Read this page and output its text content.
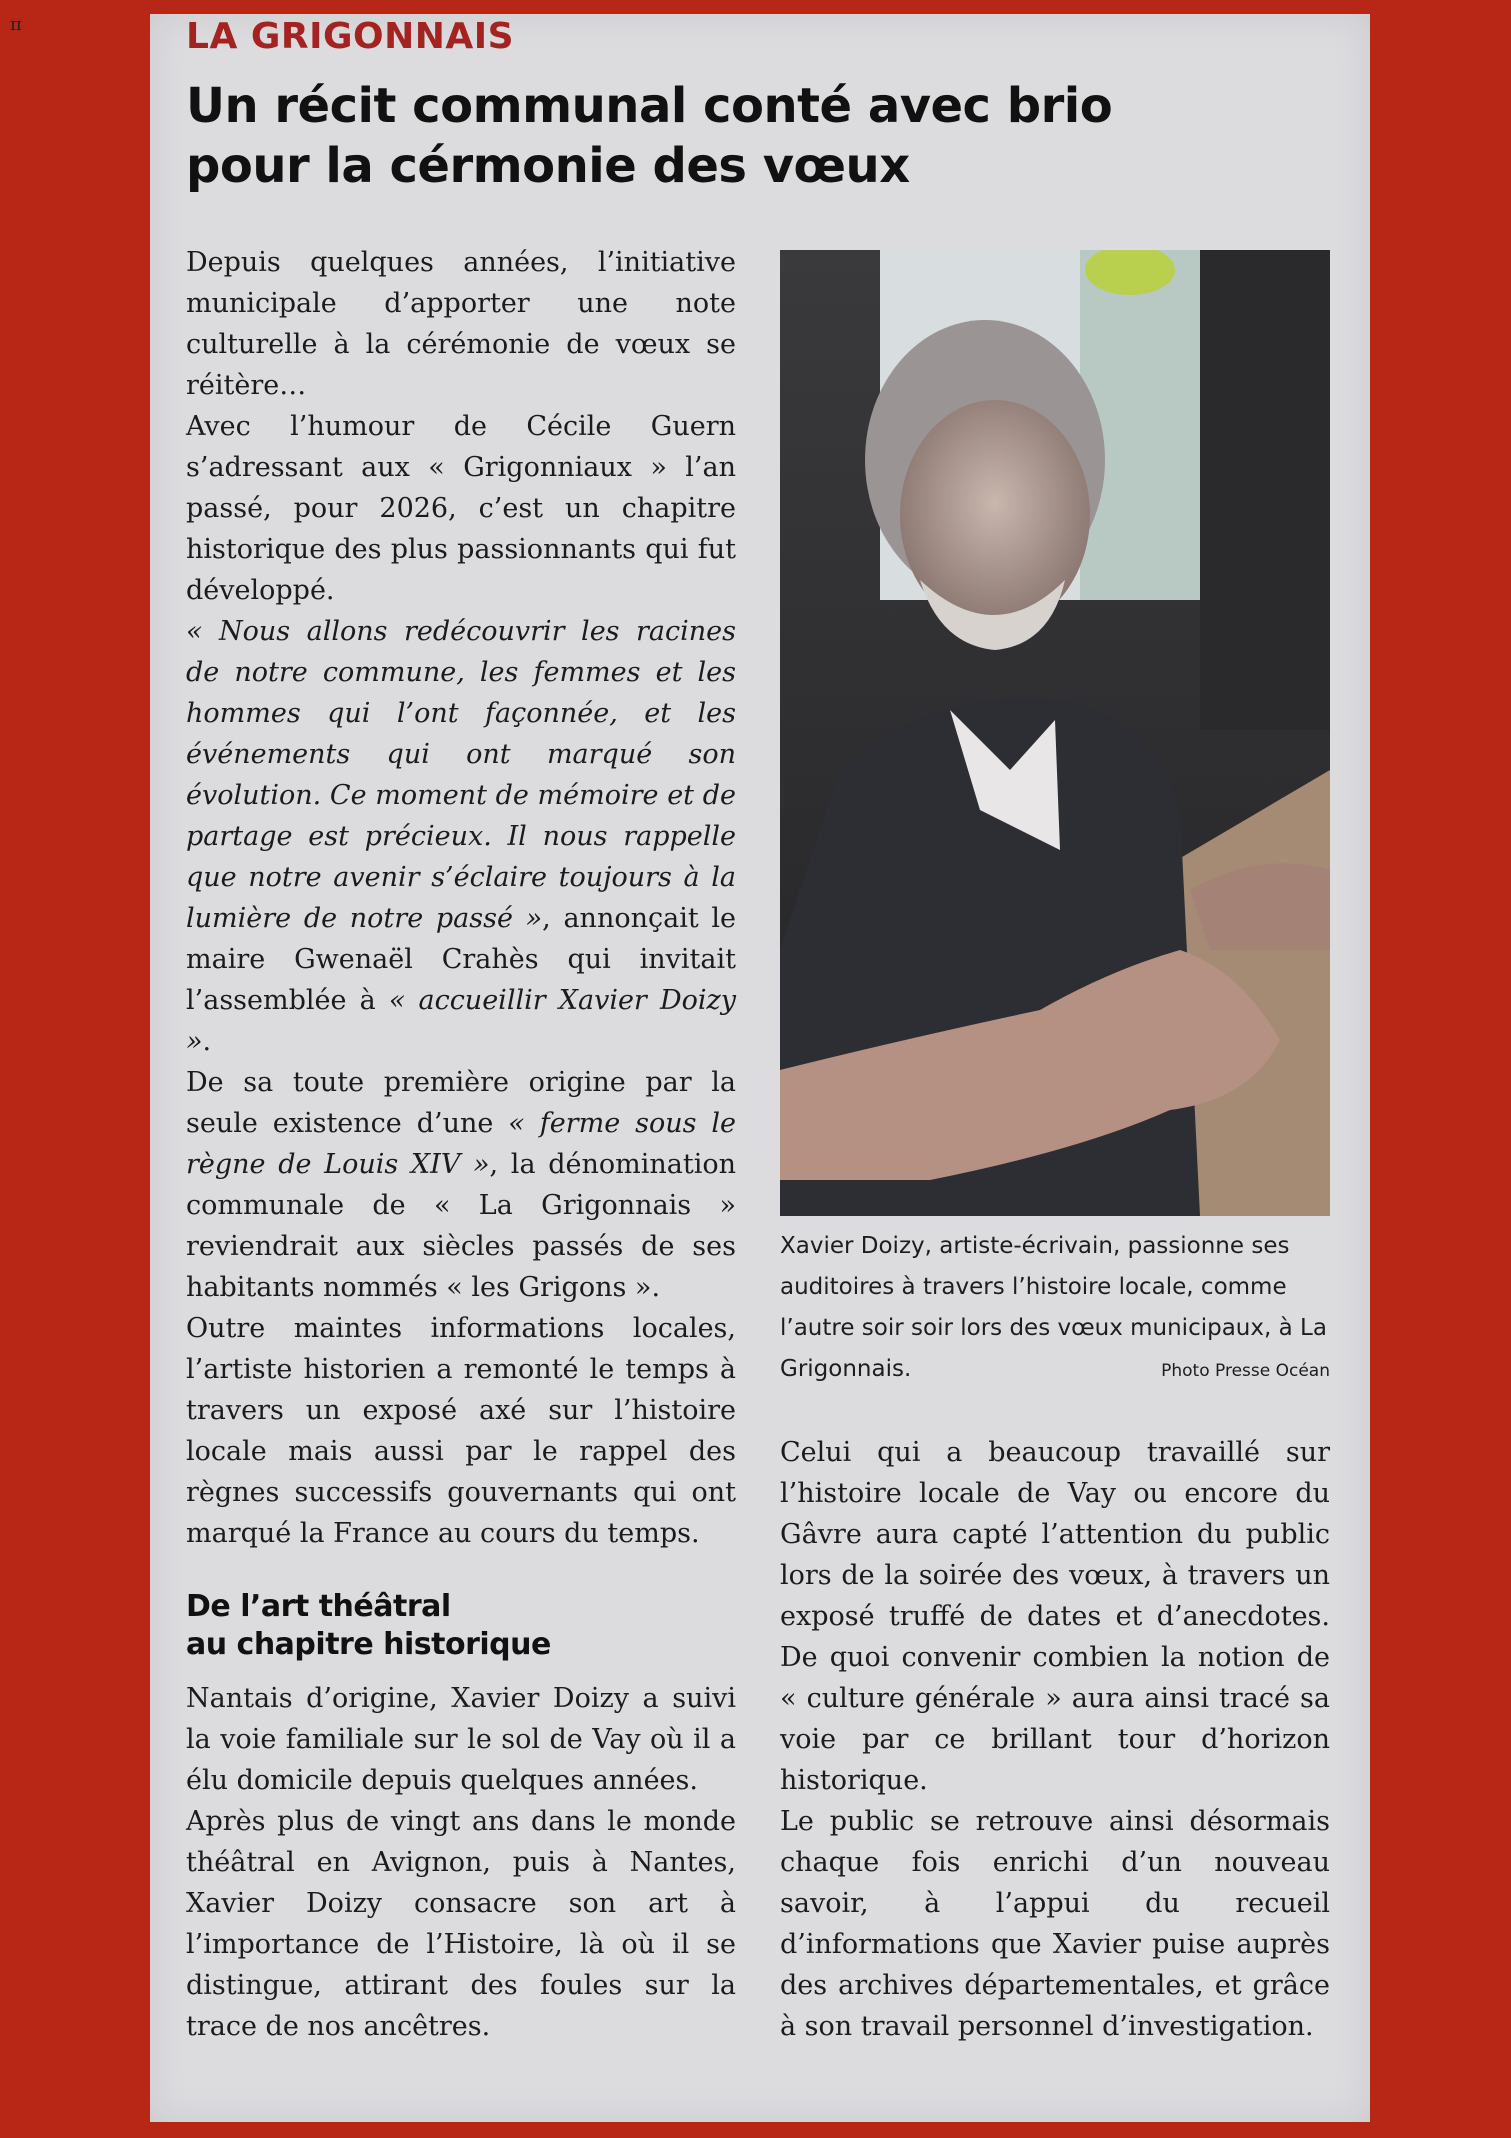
π	LA GRIGONNAIS
Un récit communal conté avec brio
pour la cérmonie des vœux

Depuis quelques années, l’initiative municipale d’apporter une note culturelle à la cérémonie de vœux se réitère…

Avec l’humour de Cécile Guern s’adressant aux « Grigonniaux » l’an passé, pour 2026, c’est un chapitre historique des plus passionnants qui fut développé.

« Nous allons redécouvrir les racines de notre commune, les femmes et les hommes qui l’ont façonnée, et les événements qui ont marqué son évolution. Ce moment de mémoire et de partage est précieux. Il nous rappelle que notre avenir s’éclaire toujours à la lumière de notre passé », annonçait le maire Gwenaël Crahès qui invitait l’assemblée à « accueillir Xavier Doizy ».

De sa toute première origine par la seule existence d’une « ferme sous le règne de Louis XIV », la dénomination communale de « La Grigonnais » reviendrait aux siècles passés de ses habitants nommés « les Grigons ».

Outre maintes informations locales, l’artiste historien a remonté le temps à travers un exposé axé sur l’histoire locale mais aussi par le rappel des règnes successifs gouvernants qui ont marqué la France au cours du temps.

De l’art théâtral
au chapitre historique

Nantais d’origine, Xavier Doizy a suivi la voie familiale sur le sol de Vay où il a élu domicile depuis quelques années.

Après plus de vingt ans dans le monde théâtral en Avignon, puis à Nantes, Xavier Doizy consacre son art à l’importance de l’Histoire, là où il se distingue, attirant des foules sur la trace de nos ancêtres.

Xavier Doizy, artiste-écrivain, passionne ses auditoires à travers l’histoire locale, comme l’autre soir soir lors des vœux municipaux, à La Grigonnais.	Photo Presse Océan

Celui qui a beaucoup travaillé sur l’histoire locale de Vay ou encore du Gâvre aura capté l’attention du public lors de la soirée des vœux, à travers un exposé truffé de dates et d’anecdotes. De quoi convenir combien la notion de « culture générale » aura ainsi tracé sa voie par ce brillant tour d’horizon historique.

Le public se retrouve ainsi désormais chaque fois enrichi d’un nouveau savoir, à l’appui du recueil d’informations que Xavier puise auprès des archives départementales, et grâce à son travail personnel d’investigation.
